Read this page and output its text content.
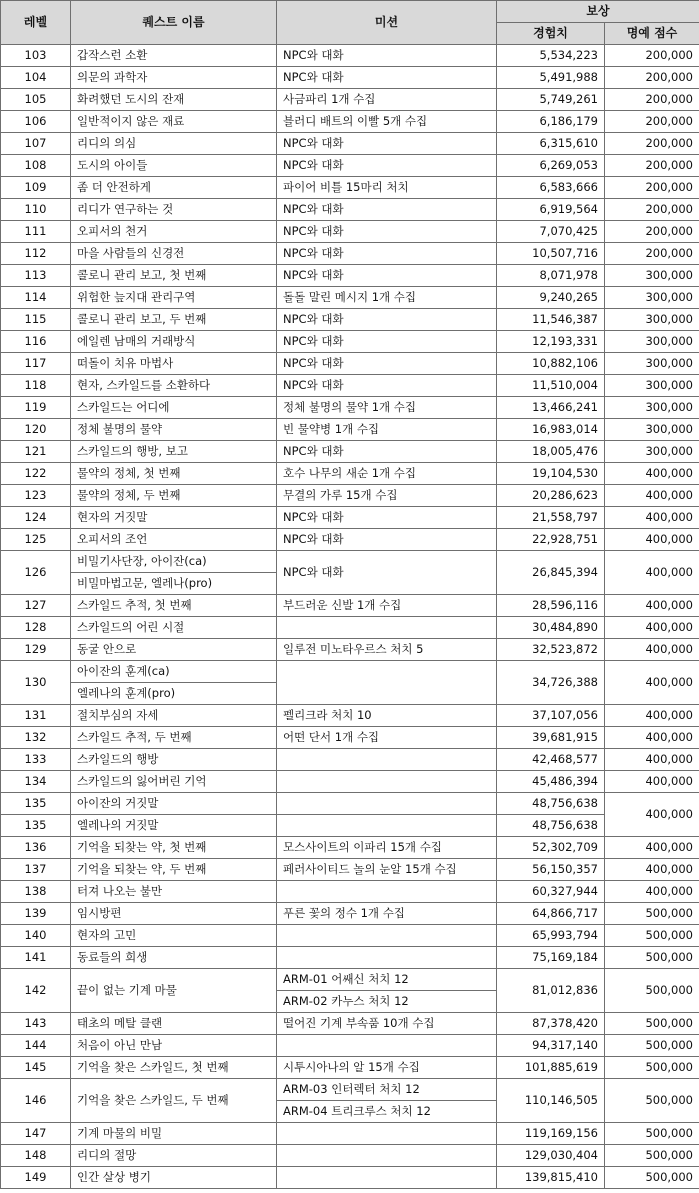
레벨	퀘스트 이름	미션	보상	
			경험치	명예 점수
103	갑작스런 소환	NPC와 대화	5,534,223	200,000
104	의문의 과학자	NPC와 대화	5,491,988	200,000
105	화려했던 도시의 잔재	사금파리 1개 수집	5,749,261	200,000
106	일반적이지 않은 재료	블러디 배트의 이빨 5개 수집	6,186,179	200,000
107	리디의 의심	NPC와 대화	6,315,610	200,000
108	도시의 아이들	NPC와 대화	6,269,053	200,000
109	좀 더 안전하게	파이어 비틀 15마리 처치	6,583,666	200,000
110	리디가 연구하는 것	NPC와 대화	6,919,564	200,000
111	오피서의 천거	NPC와 대화	7,070,425	200,000
112	마을 사람들의 신경전	NPC와 대화	10,507,716	200,000
113	콜로니 관리 보고, 첫 번째	NPC와 대화	8,071,978	300,000
114	위험한 늪지대 관리구역	돌돌 말린 메시지 1개 수집	9,240,265	300,000
115	콜로니 관리 보고, 두 번째	NPC와 대화	11,546,387	300,000
116	에일렌 남매의 거래방식	NPC와 대화	12,193,331	300,000
117	떠돌이 치유 마법사	NPC와 대화	10,882,106	300,000
118	현자, 스카일드를 소환하다	NPC와 대화	11,510,004	300,000
119	스카일드는 어디에	정체 불명의 물약 1개 수집	13,466,241	300,000
120	정체 불명의 물약	빈 물약병 1개 수집	16,983,014	300,000
121	스카일드의 행방, 보고	NPC와 대화	18,005,476	300,000
122	물약의 정체, 첫 번째	호수 나무의 새순 1개 수집	19,104,530	400,000
123	물약의 정체, 두 번째	무결의 가루 15개 수집	20,286,623	400,000
124	현자의 거짓말	NPC와 대화	21,558,797	400,000
125	오피서의 조언	NPC와 대화	22,928,751	400,000
126	비밀기사단장, 아이잔(ca)	NPC와 대화	26,845,394	400,000
	비밀마법고문, 엘레나(pro)			
127	스카일드 추적, 첫 번째	부드러운 신발 1개 수집	28,596,116	400,000
128	스카일드의 어린 시절		30,484,890	400,000
129	동굴 안으로	일루전 미노타우르스 처치 5	32,523,872	400,000
130	아이잔의 훈계(ca)		34,726,388	400,000
	엘레나의 훈계(pro)			
131	절치부심의 자세	펠리크라 처치 10	37,107,056	400,000
132	스카일드 추적, 두 번째	어떤 단서 1개 수집	39,681,915	400,000
133	스카일드의 행방		42,468,577	400,000
134	스카일드의 잃어버린 기억		45,486,394	400,000
135	아이잔의 거짓말		48,756,638	400,000
135	엘레나의 거짓말		48,756,638	
136	기억을 되찾는 약, 첫 번째	모스사이트의 이파리 15개 수집	52,302,709	400,000
137	기억을 되찾는 약, 두 번째	페러사이티드 놀의 눈알 15개 수집	56,150,357	400,000
138	터져 나오는 불만		60,327,944	400,000
139	임시방편	푸른 꽃의 정수 1개 수집	64,866,717	500,000
140	현자의 고민		65,993,794	500,000
141	동료들의 희생		75,169,184	500,000
142	끝이 없는 기계 마물	ARM-01 어쌔신 처치 12	81,012,836	500,000
		ARM-02 카누스 처치 12		
143	태초의 메탈 클랜	떨어진 기계 부속품 10개 수집	87,378,420	500,000
144	처음이 아닌 만남		94,317,140	500,000
145	기억을 찾은 스카일드, 첫 번째	시투시아나의 알 15개 수집	101,885,619	500,000
146	기억을 찾은 스카일드, 두 번째	ARM-03 인터렉터 처치 12	110,146,505	500,000
		ARM-04 트리크루스 처치 12		
147	기계 마물의 비밀		119,169,156	500,000
148	리디의 절망		129,030,404	500,000
149	인간 살상 병기		139,815,410	500,000
